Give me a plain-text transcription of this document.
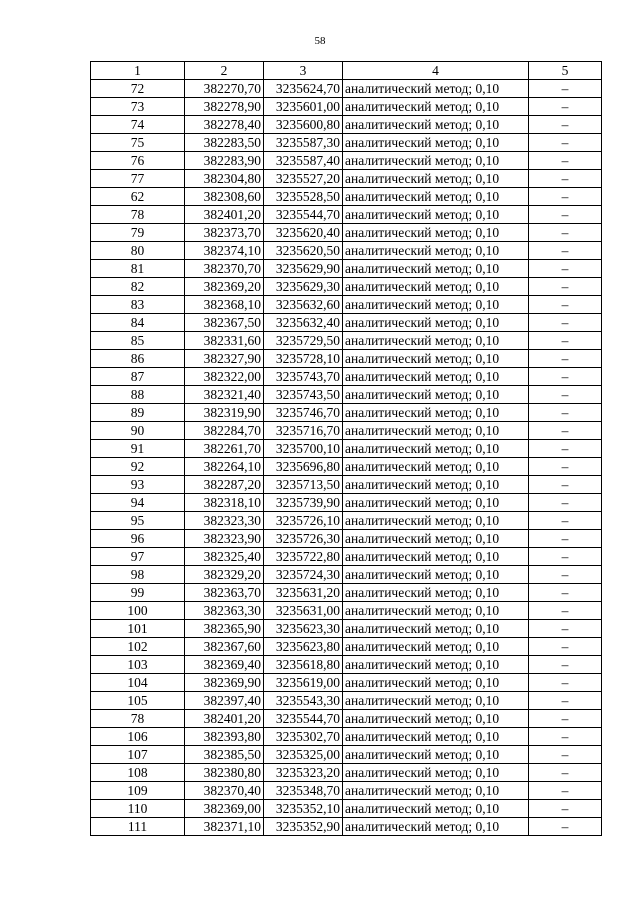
58
1	2	3	4	5
72	382270,70	3235624,70	аналитический метод; 0,10	–
73	382278,90	3235601,00	аналитический метод; 0,10	–
74	382278,40	3235600,80	аналитический метод; 0,10	–
75	382283,50	3235587,30	аналитический метод; 0,10	–
76	382283,90	3235587,40	аналитический метод; 0,10	–
77	382304,80	3235527,20	аналитический метод; 0,10	–
62	382308,60	3235528,50	аналитический метод; 0,10	–
78	382401,20	3235544,70	аналитический метод; 0,10	–
79	382373,70	3235620,40	аналитический метод; 0,10	–
80	382374,10	3235620,50	аналитический метод; 0,10	–
81	382370,70	3235629,90	аналитический метод; 0,10	–
82	382369,20	3235629,30	аналитический метод; 0,10	–
83	382368,10	3235632,60	аналитический метод; 0,10	–
84	382367,50	3235632,40	аналитический метод; 0,10	–
85	382331,60	3235729,50	аналитический метод; 0,10	–
86	382327,90	3235728,10	аналитический метод; 0,10	–
87	382322,00	3235743,70	аналитический метод; 0,10	–
88	382321,40	3235743,50	аналитический метод; 0,10	–
89	382319,90	3235746,70	аналитический метод; 0,10	–
90	382284,70	3235716,70	аналитический метод; 0,10	–
91	382261,70	3235700,10	аналитический метод; 0,10	–
92	382264,10	3235696,80	аналитический метод; 0,10	–
93	382287,20	3235713,50	аналитический метод; 0,10	–
94	382318,10	3235739,90	аналитический метод; 0,10	–
95	382323,30	3235726,10	аналитический метод; 0,10	–
96	382323,90	3235726,30	аналитический метод; 0,10	–
97	382325,40	3235722,80	аналитический метод; 0,10	–
98	382329,20	3235724,30	аналитический метод; 0,10	–
99	382363,70	3235631,20	аналитический метод; 0,10	–
100	382363,30	3235631,00	аналитический метод; 0,10	–
101	382365,90	3235623,30	аналитический метод; 0,10	–
102	382367,60	3235623,80	аналитический метод; 0,10	–
103	382369,40	3235618,80	аналитический метод; 0,10	–
104	382369,90	3235619,00	аналитический метод; 0,10	–
105	382397,40	3235543,30	аналитический метод; 0,10	–
78	382401,20	3235544,70	аналитический метод; 0,10	–
106	382393,80	3235302,70	аналитический метод; 0,10	–
107	382385,50	3235325,00	аналитический метод; 0,10	–
108	382380,80	3235323,20	аналитический метод; 0,10	–
109	382370,40	3235348,70	аналитический метод; 0,10	–
110	382369,00	3235352,10	аналитический метод; 0,10	–
111	382371,10	3235352,90	аналитический метод; 0,10	–
